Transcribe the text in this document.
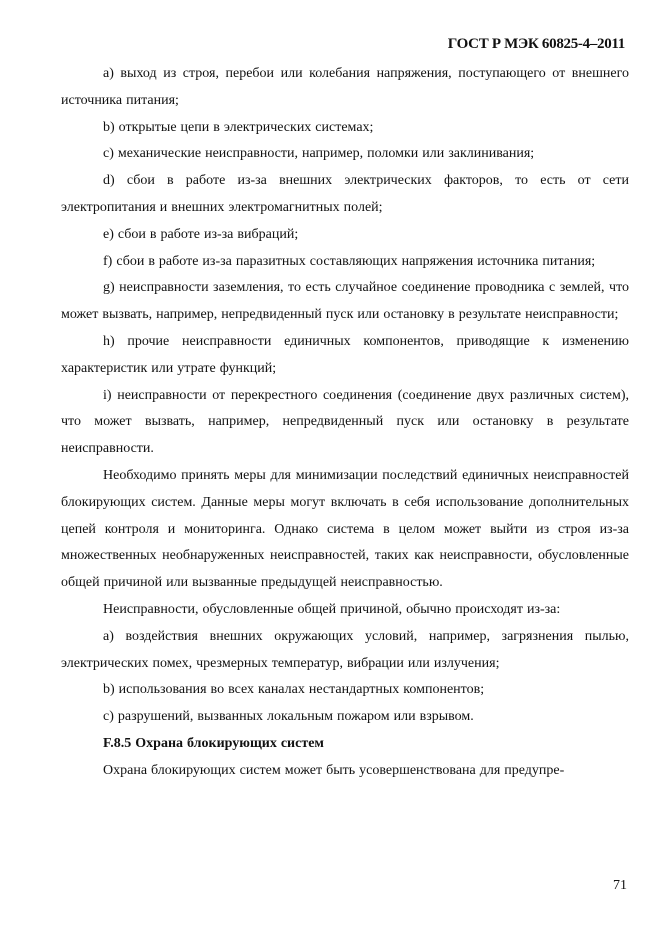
ГОСТ Р МЭК 60825-4–2011

а) выход из строя, перебои или колебания напряжения, поступающего от внешнего источника питания;

b) открытые цепи в электрических системах;

с) механические неисправности, например, поломки или заклинивания;

d) сбои в работе из-за внешних электрических факторов, то есть от сети электропитания и внешних электромагнитных полей;

e) сбои в работе из-за вибраций;

f) сбои в работе из-за паразитных составляющих напряжения источника питания;

g) неисправности заземления, то есть случайное соединение проводника с землей, что может вызвать, например, непредвиденный пуск или остановку в результате неисправности;

h) прочие неисправности единичных компонентов, приводящие к изменению характеристик или утрате функций;

i) неисправности от перекрестного соединения (соединение двух различных систем), что может вызвать, например, непредвиденный пуск или остановку в результате неисправности.

Необходимо принять меры для минимизации последствий единичных неисправностей блокирующих систем. Данные меры могут включать в себя использование дополнительных цепей контроля и мониторинга. Однако система в целом может выйти из строя из-за множественных необнаруженных неисправностей, таких как неисправности, обусловленные общей причиной или вызванные предыдущей неисправностью.

Неисправности, обусловленные общей причиной, обычно происходят из-за:

а) воздействия внешних окружающих условий, например, загрязнения пылью, электрических помех, чрезмерных температур, вибрации или излучения;

b) использования во всех каналах нестандартных компонентов;

с) разрушений, вызванных локальным пожаром или взрывом.

F.8.5 Охрана блокирующих систем

Охрана блокирующих систем может быть усовершенствована для предупре-

71
